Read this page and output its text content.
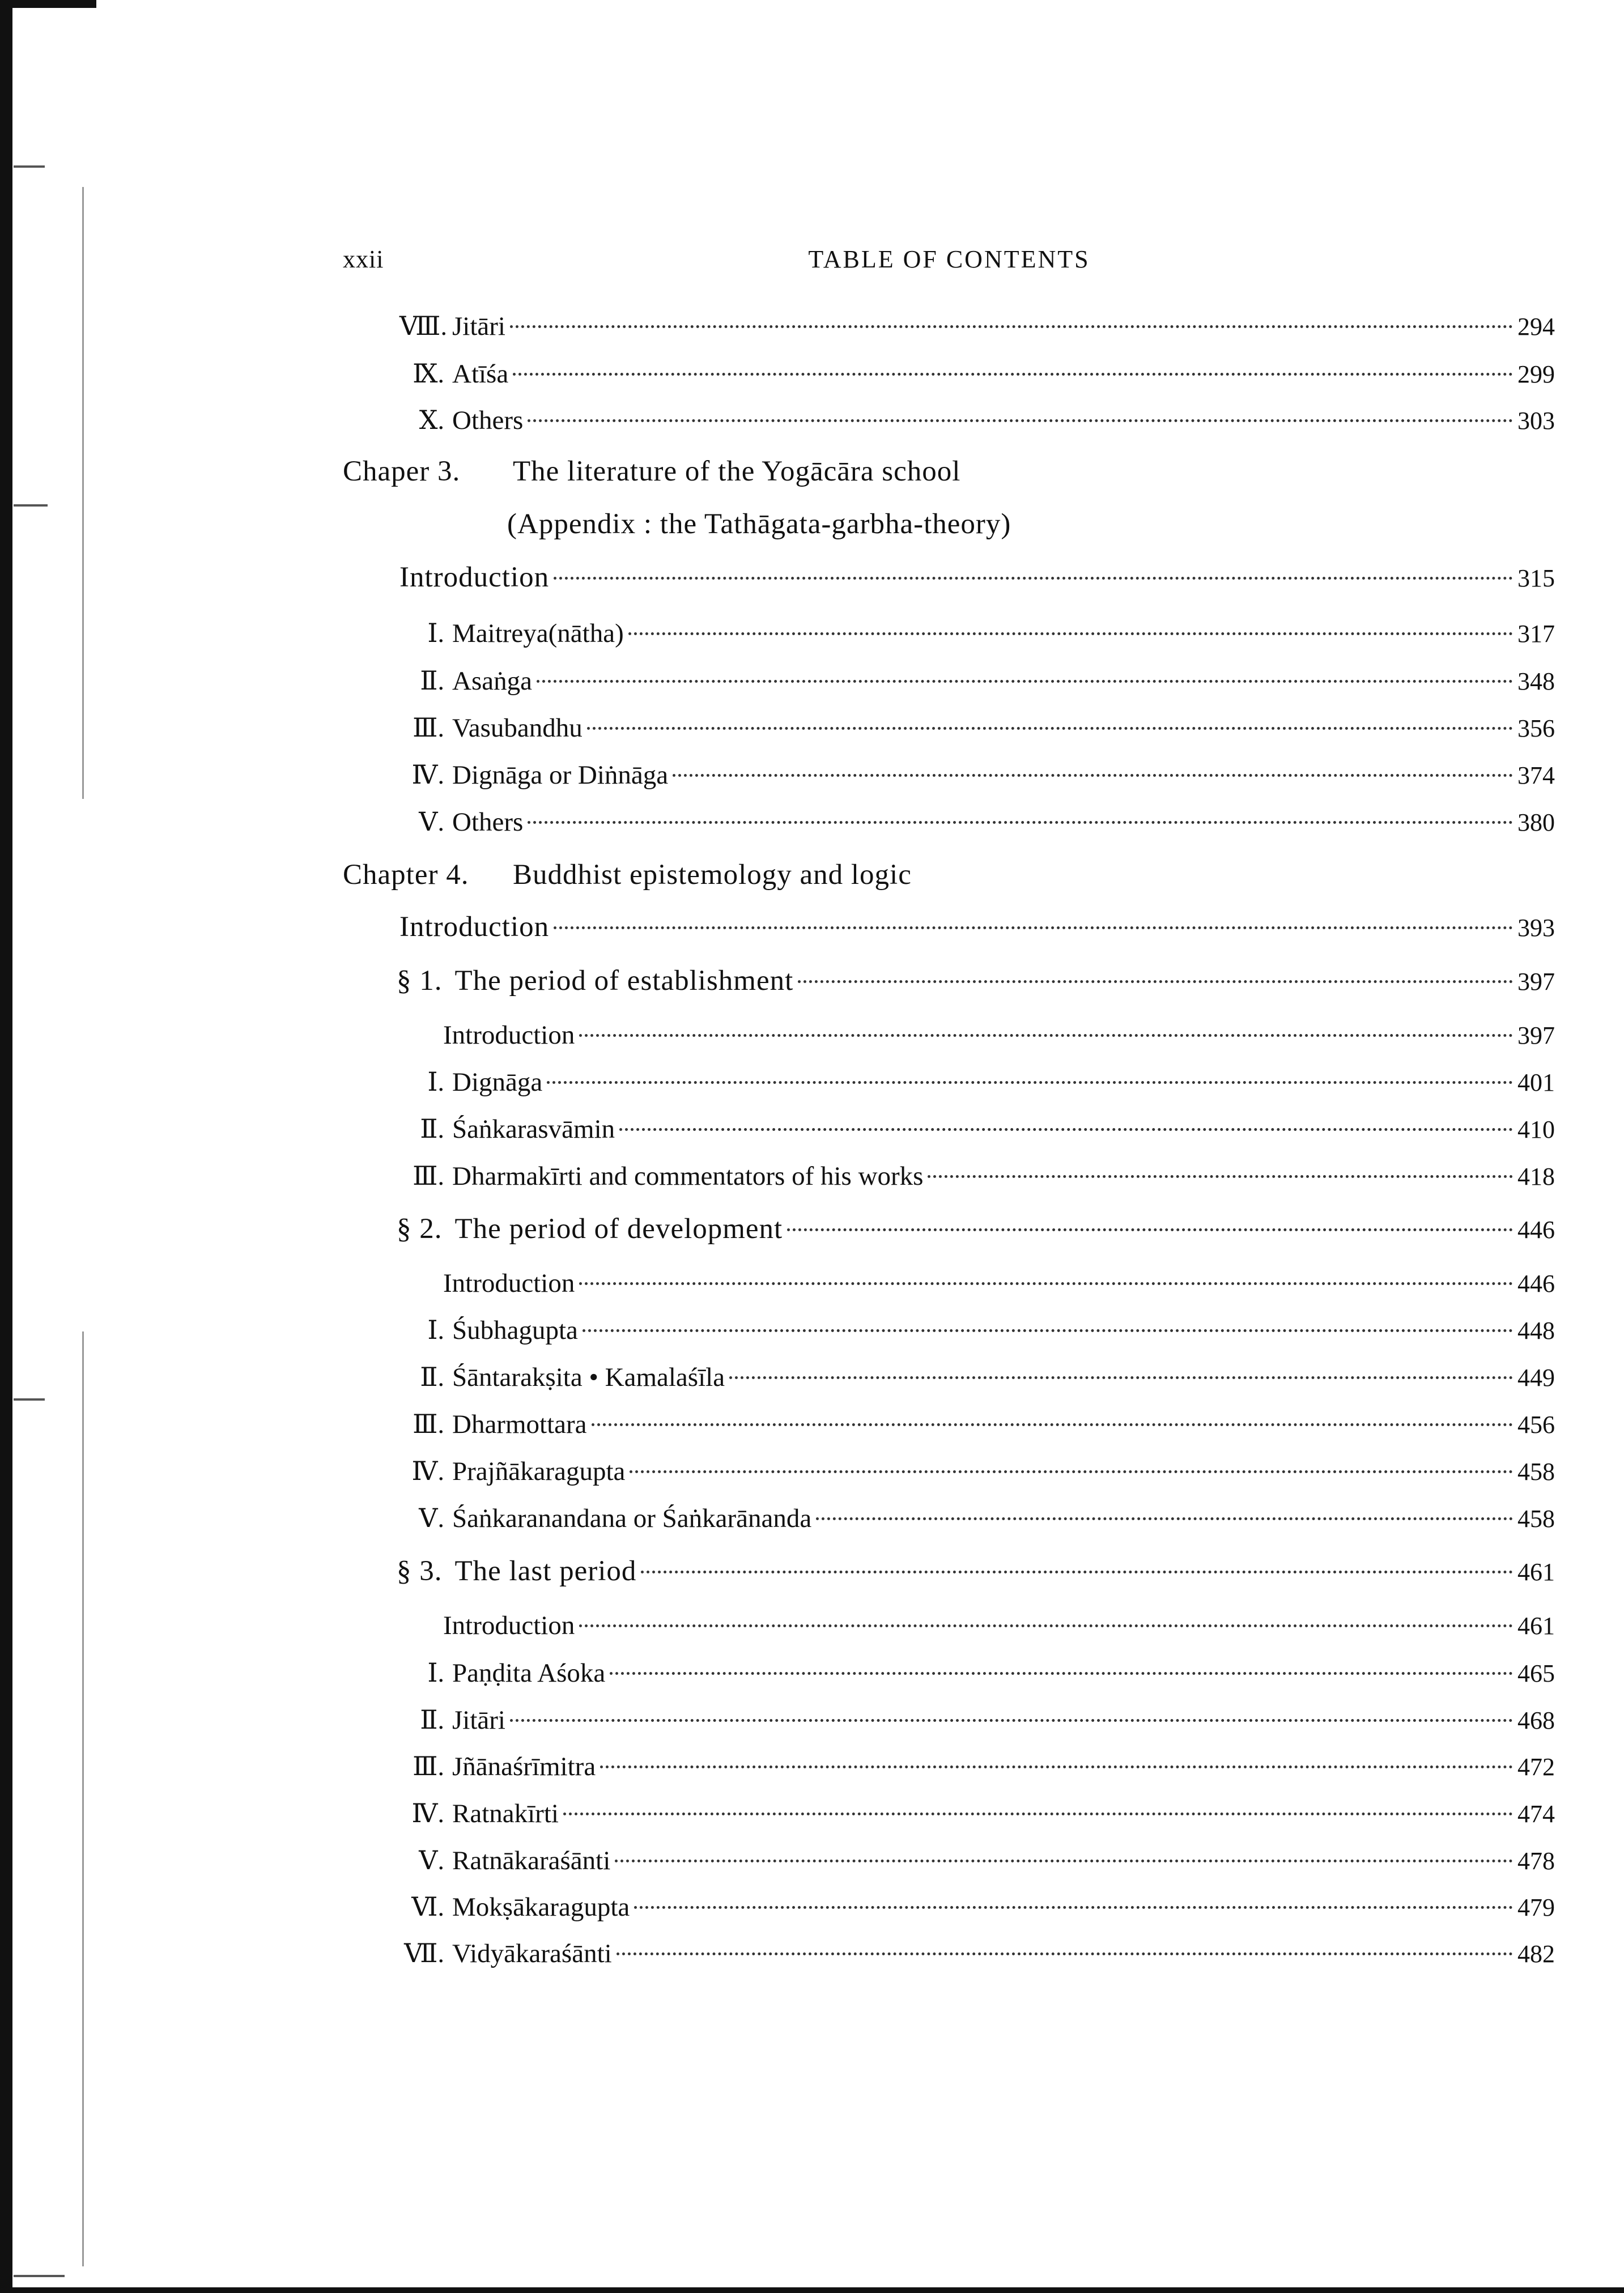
xxii	TABLE OF CONTENTS
Ⅷ. Jitāri	294
Ⅸ. Atīśa	299
Ⅹ. Others	303
Chaper 3. The literature of the Yogācāra school
(Appendix : the Tathāgata-garbha-theory)
Introduction	315
Ⅰ. Maitreya(nātha)	317
Ⅱ. Asaṅga	348
Ⅲ. Vasubandhu	356
Ⅳ. Dignāga or Diṅnāga	374
Ⅴ. Others	380
Chapter 4. Buddhist epistemology and logic
Introduction	393
§ 1. The period of establishment	397
Introduction	397
Ⅰ. Dignāga	401
Ⅱ. Śaṅkarasvāmin	410
Ⅲ. Dharmakīrti and commentators of his works	418
§ 2. The period of development	446
Introduction	446
Ⅰ. Śubhagupta	448
Ⅱ. Śāntarakṣita • Kamalaśīla	449
Ⅲ. Dharmottara	456
Ⅳ. Prajñākaragupta	458
Ⅴ. Śaṅkaranandana or Śaṅkarānanda	458
§ 3. The last period	461
Introduction	461
Ⅰ. Paṇḍita Aśoka	465
Ⅱ. Jitāri	468
Ⅲ. Jñānaśrīmitra	472
Ⅳ. Ratnakīrti	474
Ⅴ. Ratnākaraśānti	478
Ⅵ. Mokṣākaragupta	479
Ⅶ. Vidyākaraśānti	482
